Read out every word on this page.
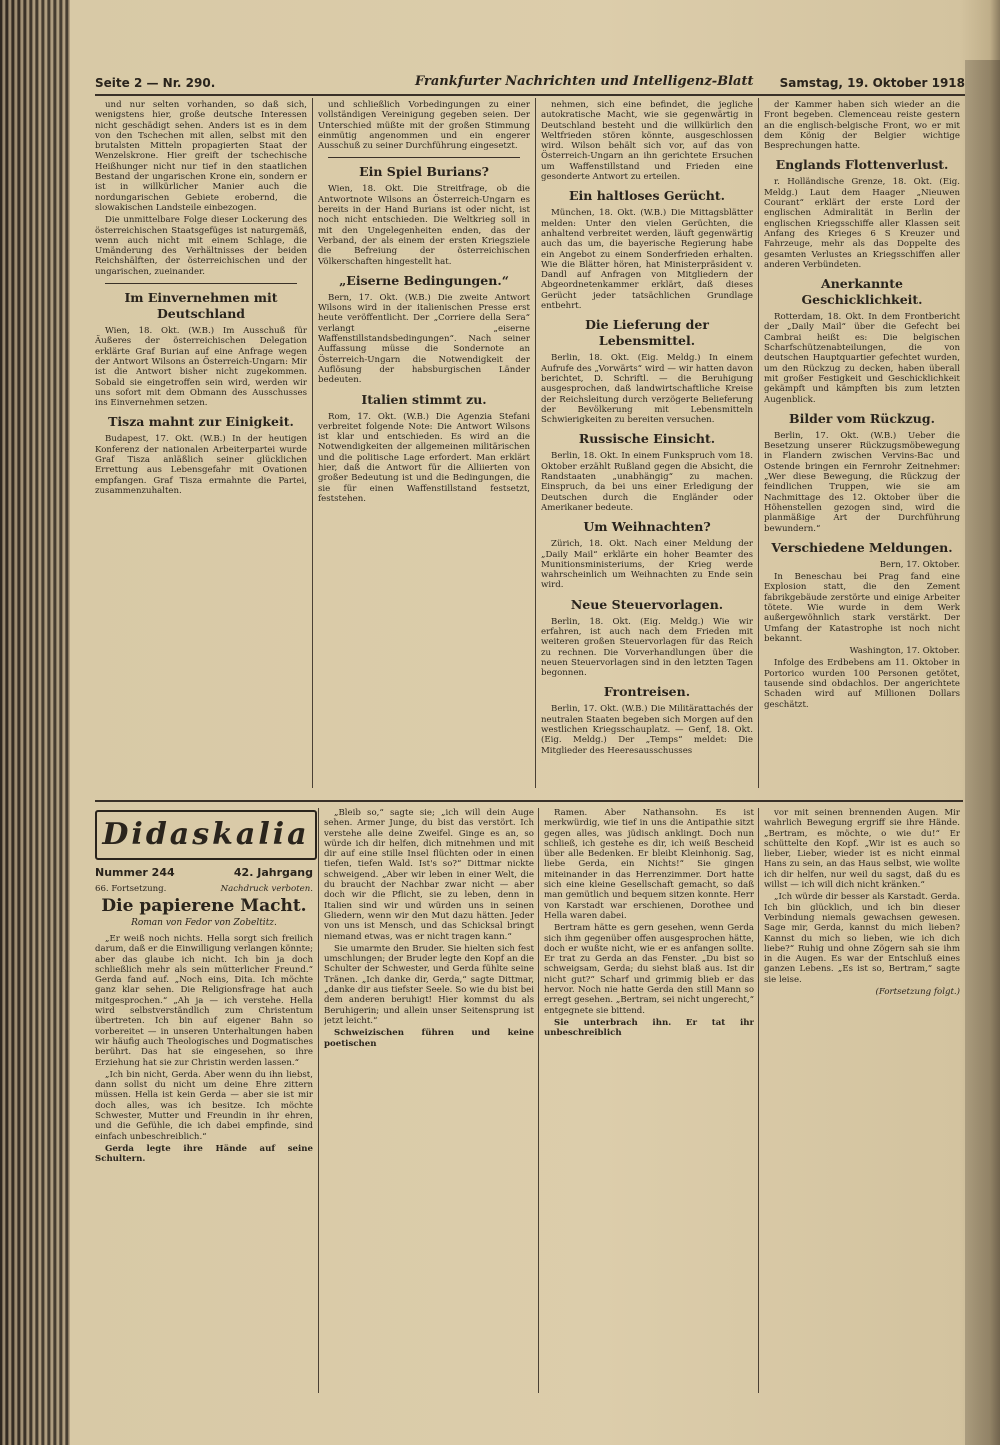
Seite 2 — Nr. 290.	Frankfurter Nachrichten und Intelligenz-Blatt Samstag, 19. Oktober 1918

und nur selten vorhanden, so daß sich, wenigstens hier, große deutsche Interessen nicht geschädigt sehen. Anders ist es in dem von den Tschechen mit allen, selbst mit den brutalsten Mitteln propagierten Staat der Wenzelskrone. Hier greift der tschechische Heißhunger nicht nur tief in den staatlichen Bestand der ungarischen Krone ein, sondern er ist in willkürlicher Manier auch die nordungarischen Gebiete erobernd, die slowakischen Landsteile einbezogen.

Die unmittelbare Folge dieser Lockerung des österreichischen Staatsgefüges ist naturgemäß, wenn auch nicht mit einem Schlage, die Umänderung des Verhältnisses der beiden Reichshälften, der österreichischen und der ungarischen, zueinander.

Im Einvernehmen mit Deutschland

Wien, 18. Okt. (W.B.) Im Ausschuß für Äußeres der österreichischen Delegation erklärte Graf Burian auf eine Anfrage wegen der Antwort Wilsons an Österreich-Ungarn: Mir ist die Antwort bisher nicht zugekommen. Sobald sie eingetroffen sein wird, werden wir uns sofort mit dem Obmann des Ausschusses ins Einvernehmen setzen.

Tisza mahnt zur Einigkeit.

Budapest, 17. Okt. (W.B.) In der heutigen Konferenz der nationalen Arbeiterpartei wurde Graf Tisza anläßlich seiner glücklichen Errettung aus Lebensgefahr mit Ovationen empfangen. Graf Tisza ermahnte die Partei, zusammenzuhalten.

und schließlich Vorbedingungen zu einer vollständigen Vereinigung gegeben seien. Der Unterschied müßte mit der großen Stimmung einmütig angenommen und ein engerer Ausschuß zu seiner Durchführung eingesetzt.

Ein Spiel Burians?

Wien, 18. Okt. Die Streitfrage, ob die Antwortnote Wilsons an Österreich-Ungarn es bereits in der Hand Burians ist oder nicht, ist noch nicht entschieden. Die Weltkrieg soll in mit den Ungelegenheiten enden, das der Verband, der als einem der ersten Kriegsziele die Befreiung der österreichischen Völkerschaften hingestellt hat.

„Eiserne Bedingungen.“

Bern, 17. Okt. (W.B.) Die zweite Antwort Wilsons wird in der italienischen Presse erst heute veröffentlicht. Der „Corriere della Sera“ verlangt „eiserne Waffenstillstandsbedingungen“. Nach seiner Auffassung müsse die Sondernote an Österreich-Ungarn die Notwendigkeit der Auflösung der habsburgischen Länder bedeuten.

Italien stimmt zu.

Rom, 17. Okt. (W.B.) Die Agenzia Stefani verbreitet folgende Note: Die Antwort Wilsons ist klar und entschieden. Es wird an die Notwendigkeiten der allgemeinen militärischen und die politische Lage erfordert. Man erklärt hier, daß die Antwort für die Alliierten von großer Bedeutung ist und die Bedingungen, die sie für einen Waffenstillstand festsetzt, feststehen.

nehmen, sich eine befindet, die jegliche autokratische Macht, wie sie gegenwärtig in Deutschland besteht und die willkürlich den Weltfrieden stören könnte, ausgeschlossen wird. Wilson behält sich vor, auf das von Österreich-Ungarn an ihn gerichtete Ersuchen um Waffenstillstand und Frieden eine gesonderte Antwort zu erteilen.

Ein haltloses Gerücht.

München, 18. Okt. (W.B.) Die Mittagsblätter melden: Unter den vielen Gerüchten, die anhaltend verbreitet werden, läuft gegenwärtig auch das um, die bayerische Regierung habe ein Angebot zu einem Sonderfrieden erhalten. Wie die Blätter hören, hat Ministerpräsident v. Dandl auf Anfragen von Mitgliedern der Abgeordnetenkammer erklärt, daß dieses Gerücht jeder tatsächlichen Grundlage entbehrt.

Die Lieferung der Lebensmittel.

Berlin, 18. Okt. (Eig. Meldg.) In einem Aufrufe des „Vorwärts“ wird — wir hatten davon berichtet, D. Schriftl. — die Beruhigung ausgesprochen, daß landwirtschaftliche Kreise der Reichsleitung durch verzögerte Belieferung der Bevölkerung mit Lebensmitteln Schwierigkeiten zu bereiten versuchen.

Russische Einsicht.

Berlin, 18. Okt. In einem Funkspruch vom 18. Oktober erzählt Rußland gegen die Absicht, die Randstaaten „unabhängig“ zu machen. Einspruch, da bei uns einer Erledigung der Deutschen durch die Engländer oder Amerikaner bedeute.

Um Weihnachten?

Zürich, 18. Okt. Nach einer Meldung der „Daily Mail“ erklärte ein hoher Beamter des Munitionsministeriums, der Krieg werde wahrscheinlich um Weihnachten zu Ende sein wird.

Neue Steuervorlagen.

Berlin, 18. Okt. (Eig. Meldg.) Wie wir erfahren, ist auch nach dem Frieden mit weiteren großen Steuervorlagen für das Reich zu rechnen. Die Vorverhandlungen über die neuen Steuervorlagen sind in den letzten Tagen begonnen.

Frontreisen.

Berlin, 17. Okt. (W.B.) Die Militärattachés der neutralen Staaten begeben sich Morgen auf den westlichen Kriegsschauplatz. — Genf, 18. Okt. (Eig. Meldg.) Der „Temps“ meldet: Die Mitglieder des Heeresausschusses

der Kammer haben sich wieder an die Front begeben. Clemenceau reiste gestern an die englisch-belgische Front, wo er mit dem König der Belgier wichtige Besprechungen hatte.

Englands Flottenverlust.

r. Holländische Grenze, 18. Okt. (Eig. Meldg.) Laut dem Haager „Nieuwen Courant“ erklärt der erste Lord der englischen Admiralität in Berlin der englischen Kriegsschiffe aller Klassen seit Anfang des Krieges 6 S Kreuzer und Fahrzeuge, mehr als das Doppelte des gesamten Verlustes an Kriegsschiffen aller anderen Verbündeten.

Anerkannte Geschicklichkeit.

Rotterdam, 18. Okt. In dem Frontbericht der „Daily Mail“ über die Gefecht bei Cambrai heißt es: Die belgischen Scharfschützenabteilungen, die von deutschen Hauptquartier gefechtet wurden, um den Rückzug zu decken, haben überall mit großer Festigkeit und Geschicklichkeit gekämpft und kämpften bis zum letzten Augenblick.

Bilder vom Rückzug.

Berlin, 17. Okt. (W.B.) Ueber die Besetzung unserer Rückzugsmöbewegung in Flandern zwischen Vervins-Bac und Ostende bringen ein Fernrohr Zeitnehmer: „Wer diese Bewegung, die Rückzug der feindlichen Truppen, wie sie am Nachmittage des 12. Oktober über die Höhenstellen gezogen sind, wird die planmäßige Art der Durchführung bewundern.“

Verschiedene Meldungen.

Bern, 17. Oktober.

In Beneschau bei Prag fand eine Explosion statt, die den Zement fabrikgebäude zerstörte und einige Arbeiter tötete. Wie wurde in dem Werk außergewöhnlich stark verstärkt. Der Umfang der Katastrophe ist noch nicht bekannt.

Washington, 17. Oktober.

Infolge des Erdbebens am 11. Oktober in Portorico wurden 100 Personen getötet, tausende sind obdachlos. Der angerichtete Schaden wird auf Millionen Dollars geschätzt.

Didaskalia
Nummer 244	42. Jahrgang
66. Fortsetzung.	Nachdruck verboten.
Die papierene Macht.
Roman von Fedor von Zobeltitz.

„Er weiß noch nichts. Hella sorgt sich freilich darum, daß er die Einwilligung verlangen könnte; aber das glaube ich nicht. Ich bin ja doch schließlich mehr als sein mütterlicher Freund.“ Gerda fand auf. „Noch eins, Dita. Ich möchte ganz klar sehen. Die Religionsfrage hat auch mitgesprochen.“ „Ah ja — ich verstehe. Hella wird selbstverständlich zum Christentum übertreten. Ich bin auf eigener Bahn so vorbereitet — in unseren Unterhaltungen haben wir häufig auch Theologisches und Dogmatisches berührt. Das hat sie eingesehen, so ihre Erziehung hat sie zur Christin werden lassen.“

„Ich bin nicht, Gerda. Aber wenn du ihn liebst, dann sollst du nicht um deine Ehre zittern müssen. Hella ist kein Gerda — aber sie ist mir doch alles, was ich besitze. Ich möchte Schwester, Mutter und Freundin in ihr ehren, und die Gefühle, die ich dabei empfinde, sind einfach unbeschreiblich.“

Gerda legte ihre Hände auf seine Schultern.

„Bleib so,“ sagte sie; „ich will dein Auge sehen. Armer Junge, du bist das verstört. Ich verstehe alle deine Zweifel. Ginge es an, so würde ich dir helfen, dich mitnehmen und mit dir auf eine stille Insel flüchten oder in einen tiefen, tiefen Wald. Ist's so?“ Dittmar nickte schweigend. „Aber wir leben in einer Welt, die du braucht der Nachbar zwar nicht — aber doch wir die Pflicht, sie zu leben, denn in Italien sind wir und würden uns in seinen Gliedern, wenn wir den Mut dazu hätten. Jeder von uns ist Mensch, und das Schicksal bringt niemand etwas, was er nicht tragen kann.“

Sie umarmte den Bruder. Sie hielten sich fest umschlungen; der Bruder legte den Kopf an die Schulter der Schwester, und Gerda fühlte seine Tränen. „Ich danke dir, Gerda,“ sagte Dittmar, „danke dir aus tiefster Seele. So wie du bist bei dem anderen beruhigt! Hier kommst du als Beruhigerin; und allein unser Seitensprung ist jetzt leicht.“

Schweizischen führen und keine poetischen

Ramen. Aber Nathansohn. Es ist merkwürdig, wie tief in uns die Antipathie sitzt gegen alles, was jüdisch anklingt. Doch nun schließ, ich gestehe es dir, ich weiß Bescheid über alle Bedenken. Er bleibt Kleinhonig. Sag, liebe Gerda, ein Nichts!“ Sie gingen miteinander in das Herrenzimmer. Dort hatte sich eine kleine Gesellschaft gemacht, so daß man gemütlich und bequem sitzen konnte. Herr von Karstadt war erschienen, Dorothee und Hella waren dabei.

Bertram hätte es gern gesehen, wenn Gerda sich ihm gegenüber offen ausgesprochen hätte, doch er wußte nicht, wie er es anfangen sollte. Er trat zu Gerda an das Fenster. „Du bist so schweigsam, Gerda; du siehst blaß aus. Ist dir nicht gut?“ Scharf und grimmig blieb er das hervor. Noch nie hatte Gerda den still Mann so erregt gesehen. „Bertram, sei nicht ungerecht,“ entgegnete sie bittend.

Sie unterbrach ihn. Er tat ihr unbeschreiblich

vor mit seinen brennenden Augen. Mir wahrlich Bewegung ergriff sie ihre Hände. „Bertram, es möchte, o wie du!“ Er schüttelte den Kopf. „Wir ist es auch so lieber, Lieber, wieder ist es nicht einmal Hans zu sein, an das Haus selbst, wie wollte ich dir helfen, nur weil du sagst, daß du es willst — ich will dich nicht kränken.“

„Ich würde dir besser als Karstadt. Gerda. Ich bin glücklich, und ich bin dieser Verbindung niemals gewachsen gewesen. Sage mir, Gerda, kannst du mich lieben? Kannst du mich so lieben, wie ich dich liebe?“ Ruhig und ohne Zögern sah sie ihm in die Augen. Es war der Entschluß eines ganzen Lebens. „Es ist so, Bertram,“ sagte sie leise.

(Fortsetzung folgt.)
